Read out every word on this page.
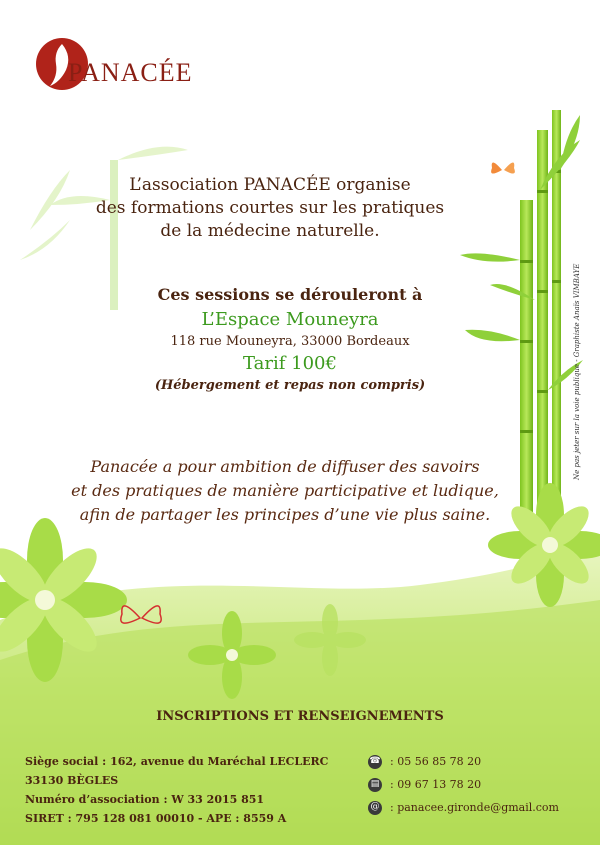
PANACÉE
L’association PANACÉE organise
des formations courtes sur les pratiques
de la médecine naturelle.
Ces sessions se dérouleront à
L’Espace Mouneyra
118 rue Mouneyra, 33000 Bordeaux
Tarif 100€
(Hébergement et repas non compris)
Panacée a pour ambition de diffuser des savoirs
et des pratiques de manière participative et ludique,
afin de partager les principes d’une vie plus saine.
Ne pas jeter sur la voie publique - Graphiste Anaïs VIMBAYE
INSCRIPTIONS ET RENSEIGNEMENTS
Siège social : 162, avenue du Maréchal LECLERC
33130 BÈGLES
Numéro d’association : W 33 2015 851
SIRET : 795 128 081 00010 - APE : 8559 A
☎ : 05 56 85 78 20
▤ : 09 67 13 78 20
@ : panacee.gironde@gmail.com
